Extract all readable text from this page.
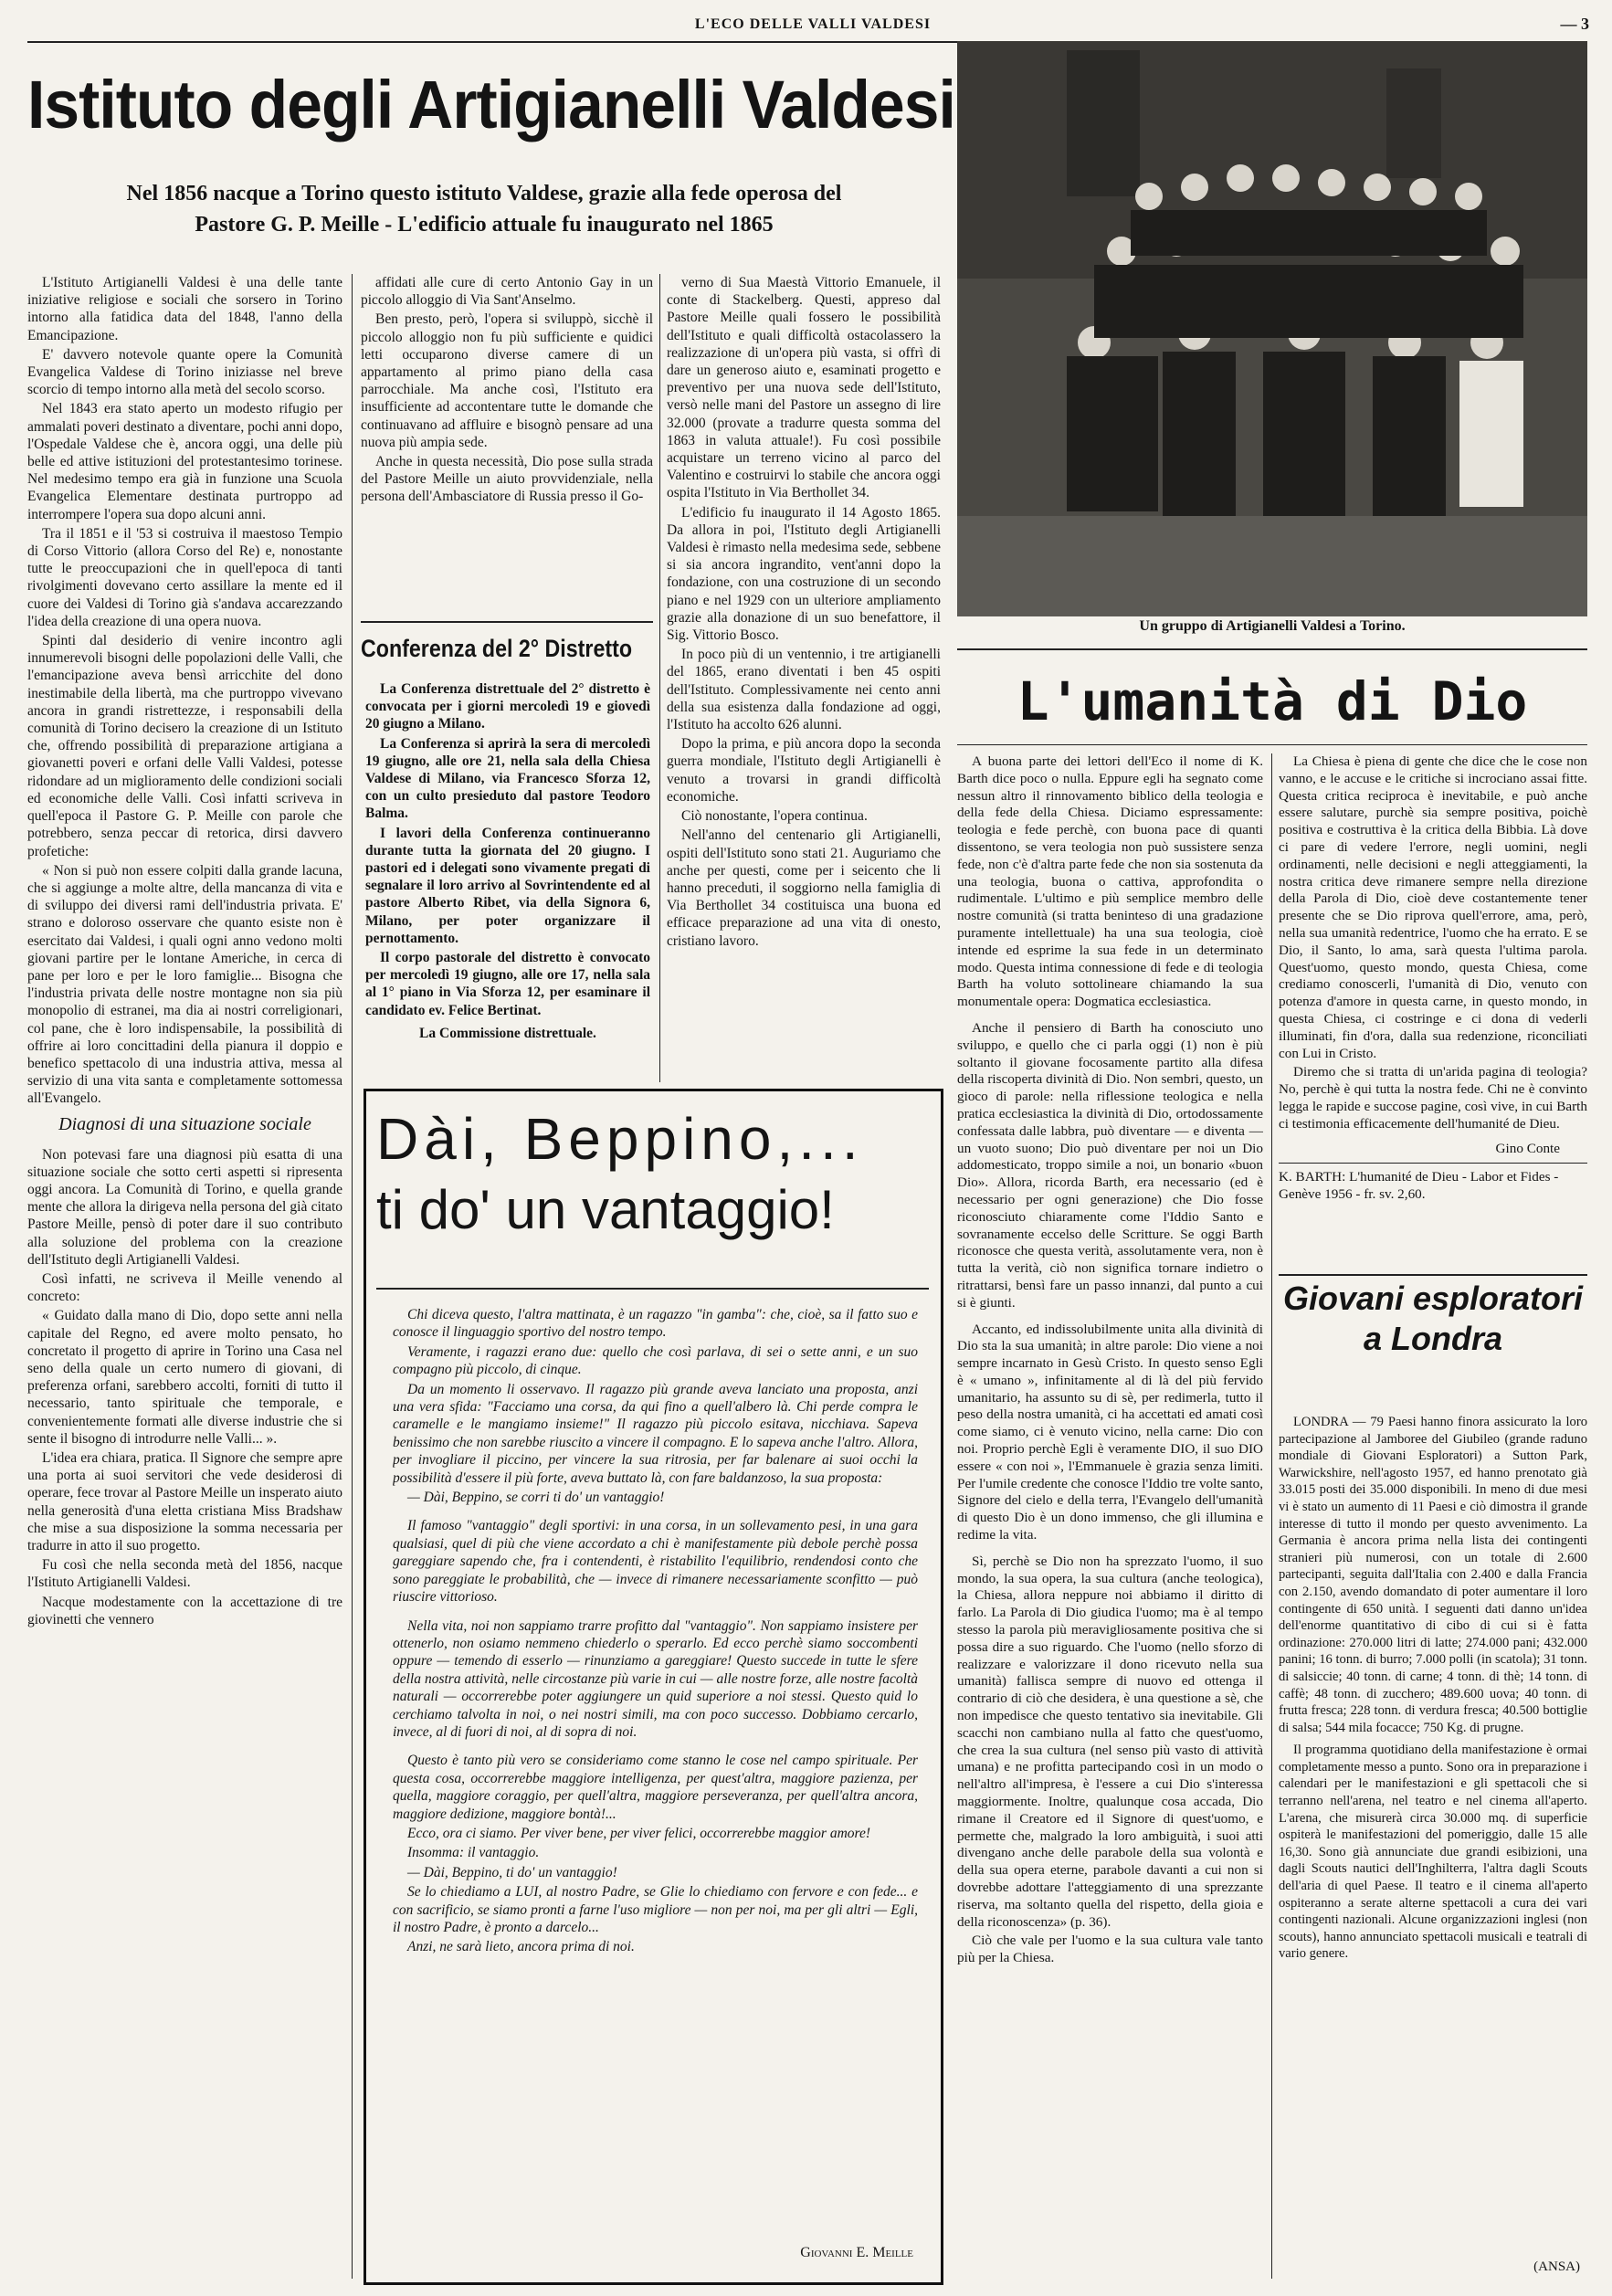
L'ECO DELLE VALLI VALDESI	— 3
Istituto degli Artigianelli Valdesi
Nel 1856 nacque a Torino questo istituto Valdese, grazie alla fede operosa del Pastore G. P. Meille - L'edificio attuale fu inaugurato nel 1865

L'Istituto Artigianelli Valdesi è una delle tante iniziative religiose e sociali che sorsero in Torino intorno alla fatidica data del 1848, l'anno della Emancipazione.

E' davvero notevole quante opere la Comunità Evangelica Valdese di Torino iniziasse nel breve scorcio di tempo intorno alla metà del secolo scorso.

Nel 1843 era stato aperto un modesto rifugio per ammalati poveri destinato a diventare, pochi anni dopo, l'Ospedale Valdese che è, ancora oggi, una delle più belle ed attive istituzioni del protestantesimo torinese. Nel medesimo tempo era già in funzione una Scuola Evangelica Elementare destinata purtroppo ad interrompere l'opera sua dopo alcuni anni.

Tra il 1851 e il '53 si costruiva il maestoso Tempio di Corso Vittorio (allora Corso del Re) e, nonostante tutte le preoccupazioni che in quell'epoca di tanti rivolgimenti dovevano certo assillare la mente ed il cuore dei Valdesi di Torino già s'andava accarezzando l'idea della creazione di una opera nuova.

Spinti dal desiderio di venire incontro agli innumerevoli bisogni delle popolazioni delle Valli, che l'emancipazione aveva bensì arricchite del dono inestimabile della libertà, ma che purtroppo vivevano ancora in grandi ristrettezze, i responsabili della comunità di Torino decisero la creazione di un Istituto che, offrendo possibilità di preparazione artigiana a giovanetti poveri e orfani delle Valli Valdesi, potesse ridondare ad un miglioramento delle condizioni sociali ed economiche delle Valli. Così infatti scriveva in quell'epoca il Pastore G. P. Meille con parole che potrebbero, senza peccar di retorica, dirsi davvero profetiche:

« Non si può non essere colpiti dalla grande lacuna, che si aggiunge a molte altre, della mancanza di vita e di sviluppo dei diversi rami dell'industria privata. E' strano e doloroso osservare che quanto esiste non è esercitato dai Valdesi, i quali ogni anno vedono molti giovani partire per le lontane Americhe, in cerca di pane per loro e per le loro famiglie... Bisogna che l'industria privata delle nostre montagne non sia più monopolio di estranei, ma dia ai nostri correligionari, col pane, che è loro indispensabile, la possibilità di offrire ai loro concittadini della pianura il doppio e benefico spettacolo di una industria attiva, messa al servizio di una vita santa e completamente sottomessa all'Evangelo.

Diagnosi di una situazione sociale

Non potevasi fare una diagnosi più esatta di una situazione sociale che sotto certi aspetti si ripresenta oggi ancora. La Comunità di Torino, e quella grande mente che allora la dirigeva nella persona del già citato Pastore Meille, pensò di poter dare il suo contributo alla soluzione del problema con la creazione dell'Istituto degli Artigianelli Valdesi.

Così infatti, ne scriveva il Meille venendo al concreto:

« Guidato dalla mano di Dio, dopo sette anni nella capitale del Regno, ed avere molto pensato, ho concretato il progetto di aprire in Torino una Casa nel seno della quale un certo numero di giovani, di preferenza orfani, sarebbero accolti, forniti di tutto il necessario, tanto spirituale che temporale, e convenientemente formati alle diverse industrie che si sente il bisogno di introdurre nelle Valli... ».

L'idea era chiara, pratica. Il Signore che sempre apre una porta ai suoi servitori che vede desiderosi di operare, fece trovar al Pastore Meille un insperato aiuto nella generosità d'una eletta cristiana Miss Bradshaw che mise a sua disposizione la somma necessaria per tradurre in atto il suo progetto.

Fu così che nella seconda metà del 1856, nacque l'Istituto Artigianelli Valdesi.

Nacque modestamente con la accettazione di tre giovinetti che vennero

affidati alle cure di certo Antonio Gay in un piccolo alloggio di Via Sant'Anselmo.

Ben presto, però, l'opera si sviluppò, sicchè il piccolo alloggio non fu più sufficiente e quidici letti occuparono diverse camere di un appartamento al primo piano della casa parrocchiale. Ma anche così, l'Istituto era insufficiente ad accontentare tutte le domande che continuavano ad affluire e bisognò pensare ad una nuova più ampia sede.

Anche in questa necessità, Dio pose sulla strada del Pastore Meille un aiuto provvidenziale, nella persona dell'Ambasciatore di Russia presso il Go-

Conferenza del 2° Distretto

La Conferenza distrettuale del 2° distretto è convocata per i giorni mercoledì 19 e giovedì 20 giugno a Milano.

La Conferenza si aprirà la sera di mercoledì 19 giugno, alle ore 21, nella sala della Chiesa Valdese di Milano, via Francesco Sforza 12, con un culto presieduto dal pastore Teodoro Balma.

I lavori della Conferenza continueranno durante tutta la giornata del 20 giugno. I pastori ed i delegati sono vivamente pregati di segnalare il loro arrivo al Sovrintendente ed al pastore Alberto Ribet, via della Signora 6, Milano, per poter organizzare il pernottamento.

Il corpo pastorale del distretto è convocato per mercoledì 19 giugno, alle ore 17, nella sala al 1° piano in Via Sforza 12, per esaminare il candidato ev. Felice Bertinat.

La Commissione distrettuale.

verno di Sua Maestà Vittorio Emanuele, il conte di Stackelberg. Questi, appreso dal Pastore Meille quali fossero le possibilità dell'Istituto e quali difficoltà ostacolassero la realizzazione di un'opera più vasta, si offrì di dare un generoso aiuto e, esaminati progetto e preventivo per una nuova sede dell'Istituto, versò nelle mani del Pastore un assegno di lire 32.000 (provate a tradurre questa somma del 1863 in valuta attuale!). Fu così possibile acquistare un terreno vicino al parco del Valentino e costruirvi lo stabile che ancora oggi ospita l'Istituto in Via Berthollet 34.

L'edificio fu inaugurato il 14 Agosto 1865. Da allora in poi, l'Istituto degli Artigianelli Valdesi è rimasto nella medesima sede, sebbene si sia ancora ingrandito, vent'anni dopo la fondazione, con una costruzione di un secondo piano e nel 1929 con un ulteriore ampliamento grazie alla donazione di un suo benefattore, il Sig. Vittorio Bosco.

In poco più di un ventennio, i tre artigianelli del 1865, erano diventati i ben 45 ospiti dell'Istituto. Complessivamente nei cento anni della sua esistenza dalla fondazione ad oggi, l'Istituto ha accolto 626 alunni.

Dopo la prima, e più ancora dopo la seconda guerra mondiale, l'Istituto degli Artigianelli è venuto a trovarsi in grandi difficoltà economiche.

Ciò nonostante, l'opera continua.

Nell'anno del centenario gli Artigianelli, ospiti dell'Istituto sono stati 21. Auguriamo che anche per questi, come per i seicento che li hanno preceduti, il soggiorno nella famiglia di Via Berthollet 34 costituisca una buona ed efficace preparazione ad una vita di onesto, cristiano lavoro.

Dài, Beppino,...
ti do' un vantaggio!

Chi diceva questo, l'altra mattinata, è un ragazzo "in gamba": che, cioè, sa il fatto suo e conosce il linguaggio sportivo del nostro tempo.

Veramente, i ragazzi erano due: quello che così parlava, di sei o sette anni, e un suo compagno più piccolo, di cinque.

Da un momento li osservavo. Il ragazzo più grande aveva lanciato una proposta, anzi una vera sfida: "Facciamo una corsa, da qui fino a quell'albero là. Chi perde compra le caramelle e le mangiamo insieme!" Il ragazzo più piccolo esitava, nicchiava. Sapeva benissimo che non sarebbe riuscito a vincere il compagno. E lo sapeva anche l'altro. Allora, per invogliare il piccino, per vincere la sua ritrosia, per far balenare ai suoi occhi la possibilità d'essere il più forte, aveva buttato là, con fare baldanzoso, la sua proposta:

— Dài, Beppino, se corri ti do' un vantaggio!

Il famoso "vantaggio" degli sportivi: in una corsa, in un sollevamento pesi, in una gara qualsiasi, quel di più che viene accordato a chi è manifestamente più debole perchè possa gareggiare sapendo che, fra i contendenti, è ristabilito l'equilibrio, rendendosi conto che sono pareggiate le probabilità, che — invece di rimanere necessariamente sconfitto — può riuscire vittorioso.

Nella vita, noi non sappiamo trarre profitto dal "vantaggio". Non sappiamo insistere per ottenerlo, non osiamo nemmeno chiederlo o sperarlo. Ed ecco perchè siamo soccombenti oppure — temendo di esserlo — rinunziamo a gareggiare! Questo succede in tutte le sfere della nostra attività, nelle circostanze più varie in cui — alle nostre forze, alle nostre facoltà naturali — occorrerebbe poter aggiungere un quid superiore a noi stessi. Questo quid lo cerchiamo talvolta in noi, o nei nostri simili, ma con poco successo. Dobbiamo cercarlo, invece, al di fuori di noi, al di sopra di noi.

Questo è tanto più vero se consideriamo come stanno le cose nel campo spirituale. Per questa cosa, occorrerebbe maggiore intelligenza, per quest'altra, maggiore pazienza, per quella, maggiore coraggio, per quell'altra, maggiore perseveranza, per quell'altra ancora, maggiore dedizione, maggiore bontà!...

Ecco, ora ci siamo. Per viver bene, per viver felici, occorrerebbe maggior amore!

Insomma: il vantaggio.

— Dài, Beppino, ti do' un vantaggio!

Se lo chiediamo a LUI, al nostro Padre, se Glie lo chiediamo con fervore e con fede... e con sacrificio, se siamo pronti a farne l'uso migliore — non per noi, ma per gli altri — Egli, il nostro Padre, è pronto a darcelo...

Anzi, ne sarà lieto, ancora prima di noi.

Giovanni E. Meille
Un gruppo di Artigianelli Valdesi a Torino.
L'umanità di Dio

A buona parte dei lettori dell'Eco il nome di K. Barth dice poco o nulla. Eppure egli ha segnato come nessun altro il rinnovamento biblico della teologia e della fede della Chiesa. Diciamo espressamente: teologia e fede perchè, con buona pace di quanti dissentono, se vera teologia non può sussistere senza fede, non c'è d'altra parte fede che non sia sostenuta da una teologia, buona o cattiva, approfondita o rudimentale. L'ultimo e più semplice membro delle nostre comunità (si tratta beninteso di una gradazione puramente intellettuale) ha una sua teologia, cioè intende ed esprime la sua fede in un determinato modo. Questa intima connessione di fede e di teologia Barth ha voluto sottolineare chiamando la sua monumentale opera: Dogmatica ecclesiastica.

Anche il pensiero di Barth ha conosciuto uno sviluppo, e quello che ci parla oggi (1) non è più soltanto il giovane focosamente partito alla difesa della riscoperta divinità di Dio. Non sembri, questo, un gioco di parole: nella riflessione teologica e nella pratica ecclesiastica la divinità di Dio, ortodossamente confessata dalle labbra, può diventare — e diventa — un vuoto suono; Dio può diventare per noi un Dio addomesticato, troppo simile a noi, un bonario «buon Dio». Allora, ricorda Barth, era necessario (ed è necessario per ogni generazione) che Dio fosse riconosciuto chiaramente come l'Iddio Santo e sovranamente eccelso delle Scritture. Se oggi Barth riconosce che questa verità, assolutamente vera, non è tutta la verità, ciò non significa tornare indietro o ritrattarsi, bensì fare un passo innanzi, dal punto a cui si è giunti.

Accanto, ed indissolubilmente unita alla divinità di Dio sta la sua umanità; in altre parole: Dio viene a noi sempre incarnato in Gesù Cristo. In questo senso Egli è « umano », infinitamente al di là del più fervido umanitario, ha assunto su di sè, per redimerla, tutto il peso della nostra umanità, ci ha accettati ed amati così come siamo, ci è venuto vicino, nella carne: Dio con noi. Proprio perchè Egli è veramente DIO, il suo DIO essere « con noi », l'Emmanuele è grazia senza limiti. Per l'umile credente che conosce l'Iddio tre volte santo, Signore del cielo e della terra, l'Evangelo dell'umanità di questo Dio è un dono immenso, che gli illumina e redime la vita.

Sì, perchè se Dio non ha sprezzato l'uomo, il suo mondo, la sua opera, la sua cultura (anche teologica), la Chiesa, allora neppure noi abbiamo il diritto di farlo. La Parola di Dio giudica l'uomo; ma è al tempo stesso la parola più meravigliosamente positiva che si possa dire a suo riguardo. Che l'uomo (nello sforzo di realizzare e valorizzare il dono ricevuto nella sua umanità) fallisca sempre di nuovo ed ottenga il contrario di ciò che desidera, è una questione a sè, che non impedisce che questo tentativo sia inevitabile. Gli scacchi non cambiano nulla al fatto che quest'uomo, che crea la sua cultura (nel senso più vasto di attività umana) e ne profitta partecipando così in un modo o nell'altro all'impresa, è l'essere a cui Dio s'interessa maggiormente. Inoltre, qualunque cosa accada, Dio rimane il Creatore ed il Signore di quest'uomo, e permette che, malgrado la loro ambiguità, i suoi atti divengano anche delle parabole della sua volontà e della sua opera eterne, parabole davanti a cui non si dovrebbe adottare l'atteggiamento di una sprezzante riserva, ma soltanto quella del rispetto, della gioia e della riconoscenza» (p. 36).

Ciò che vale per l'uomo e la sua cultura vale tanto più per la Chiesa.

La Chiesa è piena di gente che dice che le cose non vanno, e le accuse e le critiche si incrociano assai fitte. Questa critica reciproca è inevitabile, e può anche essere salutare, purchè sia sempre positiva, poichè positiva e costruttiva è la critica della Bibbia. Là dove ci pare di vedere l'errore, negli uomini, negli ordinamenti, nelle decisioni e negli atteggiamenti, la nostra critica deve rimanere sempre nella direzione della Parola di Dio, cioè deve costantemente tener presente che se Dio riprova quell'errore, ama, però, nella sua umanità redentrice, l'uomo che ha errato. E se Dio, il Santo, lo ama, sarà questa l'ultima parola. Quest'uomo, questo mondo, questa Chiesa, come crediamo conoscerli, l'umanità di Dio, venuto con potenza d'amore in questa carne, in questo mondo, in questa Chiesa, ci costringe e ci dona di vederli illuminati, fin d'ora, dalla sua redenzione, riconciliati con Lui in Cristo.

Diremo che si tratta di un'arida pagina di teologia? No, perchè è qui tutta la nostra fede. Chi ne è convinto legga le rapide e succose pagine, così vive, in cui Barth ci testimonia efficacemente dell'humanité de Dieu.

Gino Conte
K. BARTH: L'humanité de Dieu - Labor et Fides - Genève 1956 - fr. sv. 2,60.
Giovani esploratori a Londra

LONDRA — 79 Paesi hanno finora assicurato la loro partecipazione al Jamboree del Giubileo (grande raduno mondiale di Giovani Esploratori) a Sutton Park, Warwickshire, nell'agosto 1957, ed hanno prenotato già 33.015 posti dei 35.000 disponibili. In meno di due mesi vi è stato un aumento di 11 Paesi e ciò dimostra il grande interesse di tutto il mondo per questo avvenimento. La Germania è ancora prima nella lista dei contingenti stranieri più numerosi, con un totale di 2.600 partecipanti, seguita dall'Italia con 2.400 e dalla Francia con 2.150, avendo domandato di poter aumentare il loro contingente di 650 unità. I seguenti dati danno un'idea dell'enorme quantitativo di cibo di cui si è fatta ordinazione: 270.000 litri di latte; 274.000 pani; 432.000 panini; 16 tonn. di burro; 7.000 polli (in scatola); 31 tonn. di salsiccie; 40 tonn. di carne; 4 tonn. di thè; 14 tonn. di caffè; 48 tonn. di zucchero; 489.600 uova; 40 tonn. di frutta fresca; 228 tonn. di verdura fresca; 40.500 bottiglie di salsa; 544 mila focacce; 750 Kg. di prugne.

Il programma quotidiano della manifestazione è ormai completamente messo a punto. Sono ora in preparazione i calendari per le manifestazioni e gli spettacoli che si terranno nell'arena, nel teatro e nel cinema all'aperto. L'arena, che misurerà circa 30.000 mq. di superficie ospiterà le manifestazioni del pomeriggio, dalle 15 alle 16,30. Sono già annunciate due grandi esibizioni, una dagli Scouts nautici dell'Inghilterra, l'altra dagli Scouts dell'aria di quel Paese. Il teatro e il cinema all'aperto ospiteranno a serate alterne spettacoli a cura dei vari contingenti nazionali. Alcune organizzazioni inglesi (non scouts), hanno annunciato spettacoli musicali e teatrali di vario genere.

(ANSA)
